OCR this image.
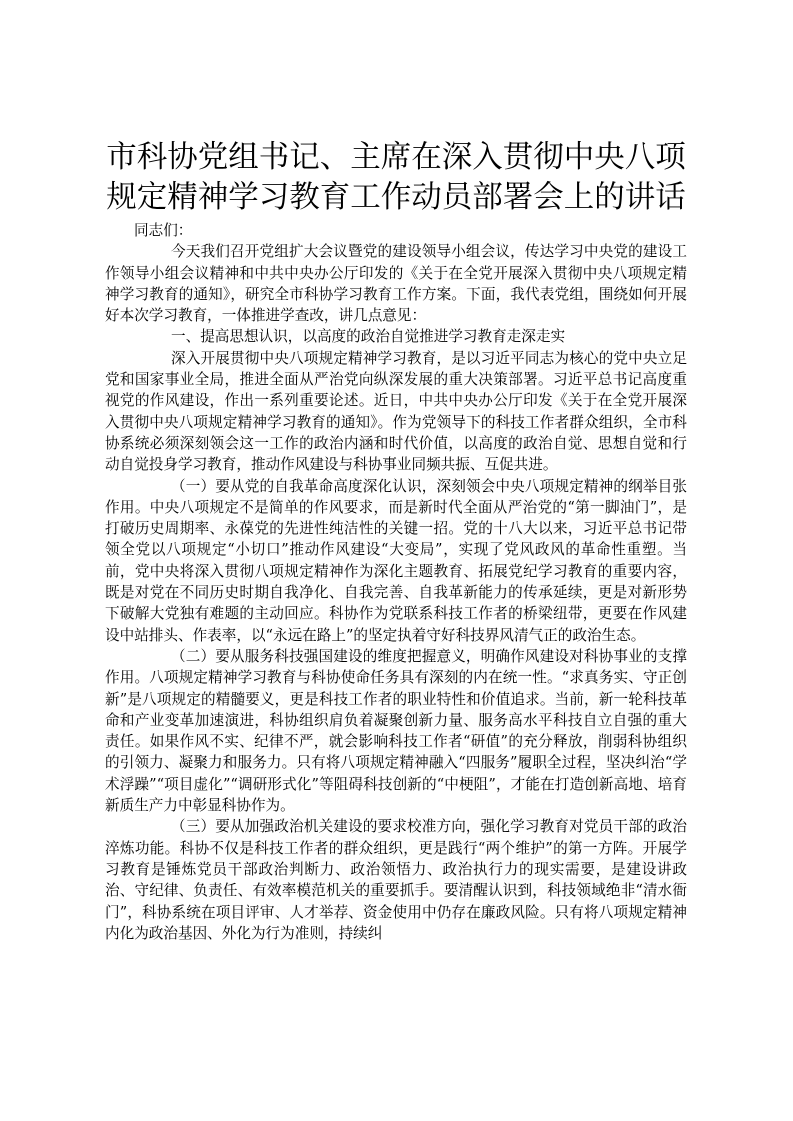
市科协党组书记、主席在深入贯彻中央八项规定精神学习教育工作动员部署会上的讲话

同志们：

今天我们召开党组扩大会议暨党的建设领导小组会议，传达学习中央党的建设工作领导小组会议精神和中共中央办公厅印发的《关于在全党开展深入贯彻中央八项规定精神学习教育的通知》，研究全市科协学习教育工作方案。下面，我代表党组，围绕如何开展好本次学习教育，一体推进学查改，讲几点意见：

一、提高思想认识，以高度的政治自觉推进学习教育走深走实

深入开展贯彻中央八项规定精神学习教育，是以习近平同志为核心的党中央立足党和国家事业全局，推进全面从严治党向纵深发展的重大决策部署。习近平总书记高度重视党的作风建设，作出一系列重要论述。近日，中共中央办公厅印发《关于在全党开展深入贯彻中央八项规定精神学习教育的通知》。作为党领导下的科技工作者群众组织，全市科协系统必须深刻领会这一工作的政治内涵和时代价值，以高度的政治自觉、思想自觉和行动自觉投身学习教育，推动作风建设与科协事业同频共振、互促共进。

（一）要从党的自我革命高度深化认识，深刻领会中央八项规定精神的纲举目张作用。中央八项规定不是简单的作风要求，而是新时代全面从严治党的“第一脚油门”，是打破历史周期率、永葆党的先进性纯洁性的关键一招。党的十八大以来，习近平总书记带领全党以八项规定“小切口”推动作风建设“大变局”，实现了党风政风的革命性重塑。当前，党中央将深入贯彻八项规定精神作为深化主题教育、拓展党纪学习教育的重要内容，既是对党在不同历史时期自我净化、自我完善、自我革新能力的传承延续，更是对新形势下破解大党独有难题的主动回应。科协作为党联系科技工作者的桥梁纽带，更要在作风建设中站排头、作表率，以“永远在路上”的坚定执着守好科技界风清气正的政治生态。

（二）要从服务科技强国建设的维度把握意义，明确作风建设对科协事业的支撑作用。八项规定精神学习教育与科协使命任务具有深刻的内在统一性。“求真务实、守正创新”是八项规定的精髓要义，更是科技工作者的职业特性和价值追求。当前，新一轮科技革命和产业变革加速演进，科协组织肩负着凝聚创新力量、服务高水平科技自立自强的重大责任。如果作风不实、纪律不严，就会影响科技工作者“研值”的充分释放，削弱科协组织的引领力、凝聚力和服务力。只有将八项规定精神融入“四服务”履职全过程，坚决纠治“学术浮躁”“项目虚化”“调研形式化”等阻碍科技创新的“中梗阻”，才能在打造创新高地、培育新质生产力中彰显科协作为。

（三）要从加强政治机关建设的要求校准方向，强化学习教育对党员干部的政治淬炼功能。科协不仅是科技工作者的群众组织，更是践行“两个维护”的第一方阵。开展学习教育是锤炼党员干部政治判断力、政治领悟力、政治执行力的现实需要，是建设讲政治、守纪律、负责任、有效率模范机关的重要抓手。要清醒认识到，科技领域绝非“清水衙门”，科协系统在项目评审、人才举荐、资金使用中仍存在廉政风险。只有将八项规定精神内化为政治基因、外化为行为准则，持续纠
